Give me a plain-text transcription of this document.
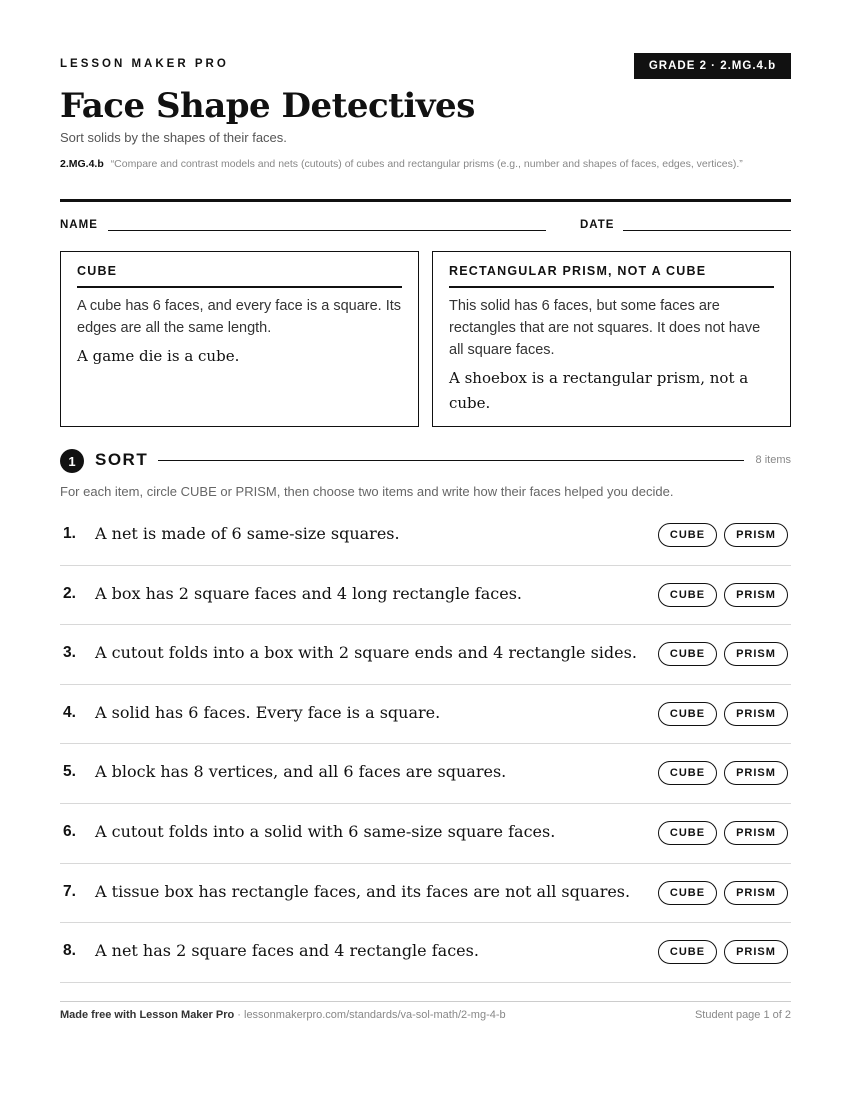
LESSON MAKER PRO	GRADE 2 · 2.MG.4.b
Face Shape Detectives
Sort solids by the shapes of their faces.
2.MG.4.b “Compare and contrast models and nets (cutouts) of cubes and rectangular prisms (e.g., number and shapes of faces, edges, vertices).”
NAME	DATE
CUBE
A cube has 6 faces, and every face is a square. Its edges are all the same length.
A game die is a cube.
RECTANGULAR PRISM, NOT A CUBE
This solid has 6 faces, but some faces are rectangles that are not squares. It does not have all square faces.
A shoebox is a rectangular prism, not a cube.
1	SORT	8 items
For each item, circle CUBE or PRISM, then choose two items and write how their faces helped you decide.
1. A net is made of 6 same-size squares.	CUBE	PRISM
2. A box has 2 square faces and 4 long rectangle faces.	CUBE	PRISM
3. A cutout folds into a box with 2 square ends and 4 rectangle sides.	CUBE	PRISM
4. A solid has 6 faces. Every face is a square.	CUBE	PRISM
5. A block has 8 vertices, and all 6 faces are squares.	CUBE	PRISM
6. A cutout folds into a solid with 6 same-size square faces.	CUBE	PRISM
7. A tissue box has rectangle faces, and its faces are not all squares.	CUBE	PRISM
8. A net has 2 square faces and 4 rectangle faces.	CUBE	PRISM
Made free with Lesson Maker Pro · lessonmakerpro.com/standards/va-sol-math/2-mg-4-b	Student page 1 of 2
